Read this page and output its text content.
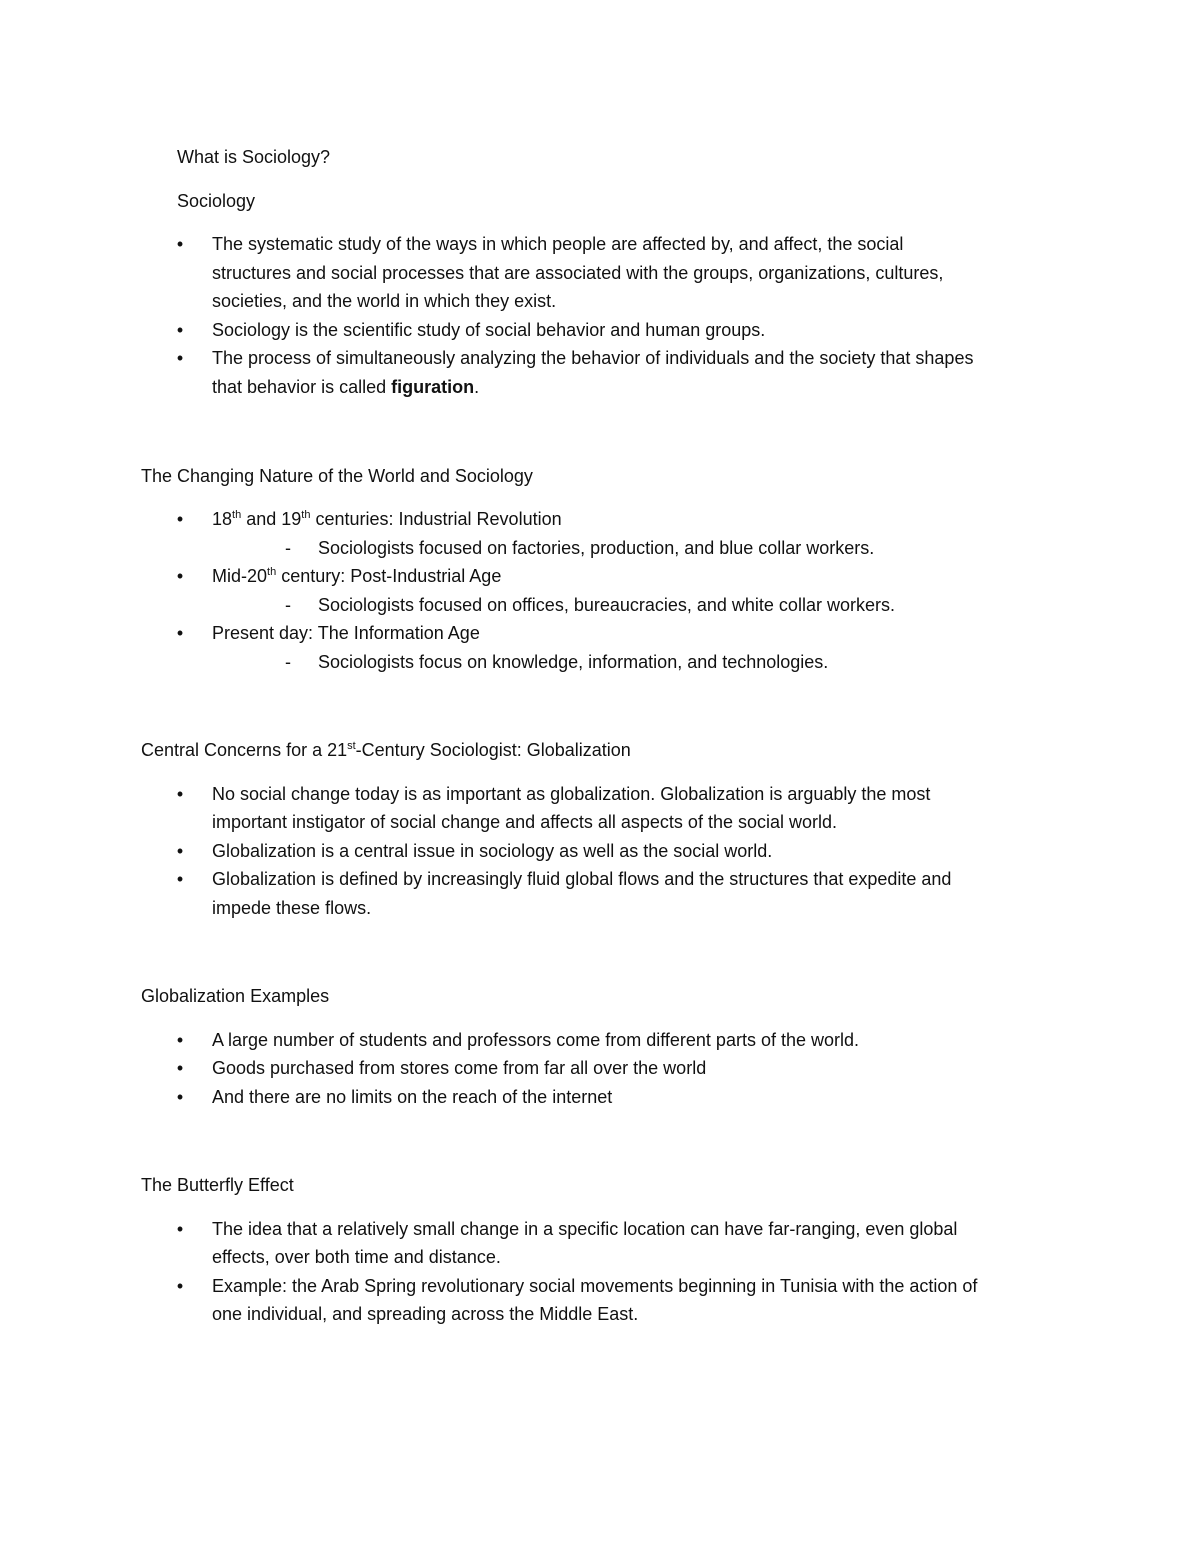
What is Sociology?
Sociology
• The systematic study of the ways in which people are affected by, and affect, the social
structures and social processes that are associated with the groups, organizations, cultures,
societies, and the world in which they exist.
• Sociology is the scientific study of social behavior and human groups.
• The process of simultaneously analyzing the behavior of individuals and the society that shapes
that behavior is called figuration.
The Changing Nature of the World and Sociology
• 18th and 19th centuries: Industrial Revolution
- Sociologists focused on factories, production, and blue collar workers.
• Mid-20th century: Post-Industrial Age
- Sociologists focused on offices, bureaucracies, and white collar workers.
• Present day: The Information Age
- Sociologists focus on knowledge, information, and technologies.
Central Concerns for a 21st-Century Sociologist: Globalization
• No social change today is as important as globalization. Globalization is arguably the most
important instigator of social change and affects all aspects of the social world.
• Globalization is a central issue in sociology as well as the social world.
• Globalization is defined by increasingly fluid global flows and the structures that expedite and
impede these flows.
Globalization Examples
• A large number of students and professors come from different parts of the world.
• Goods purchased from stores come from far all over the world
• And there are no limits on the reach of the internet
The Butterfly Effect
• The idea that a relatively small change in a specific location can have far-ranging, even global
effects, over both time and distance.
• Example: the Arab Spring revolutionary social movements beginning in Tunisia with the action of
one individual, and spreading across the Middle East.
